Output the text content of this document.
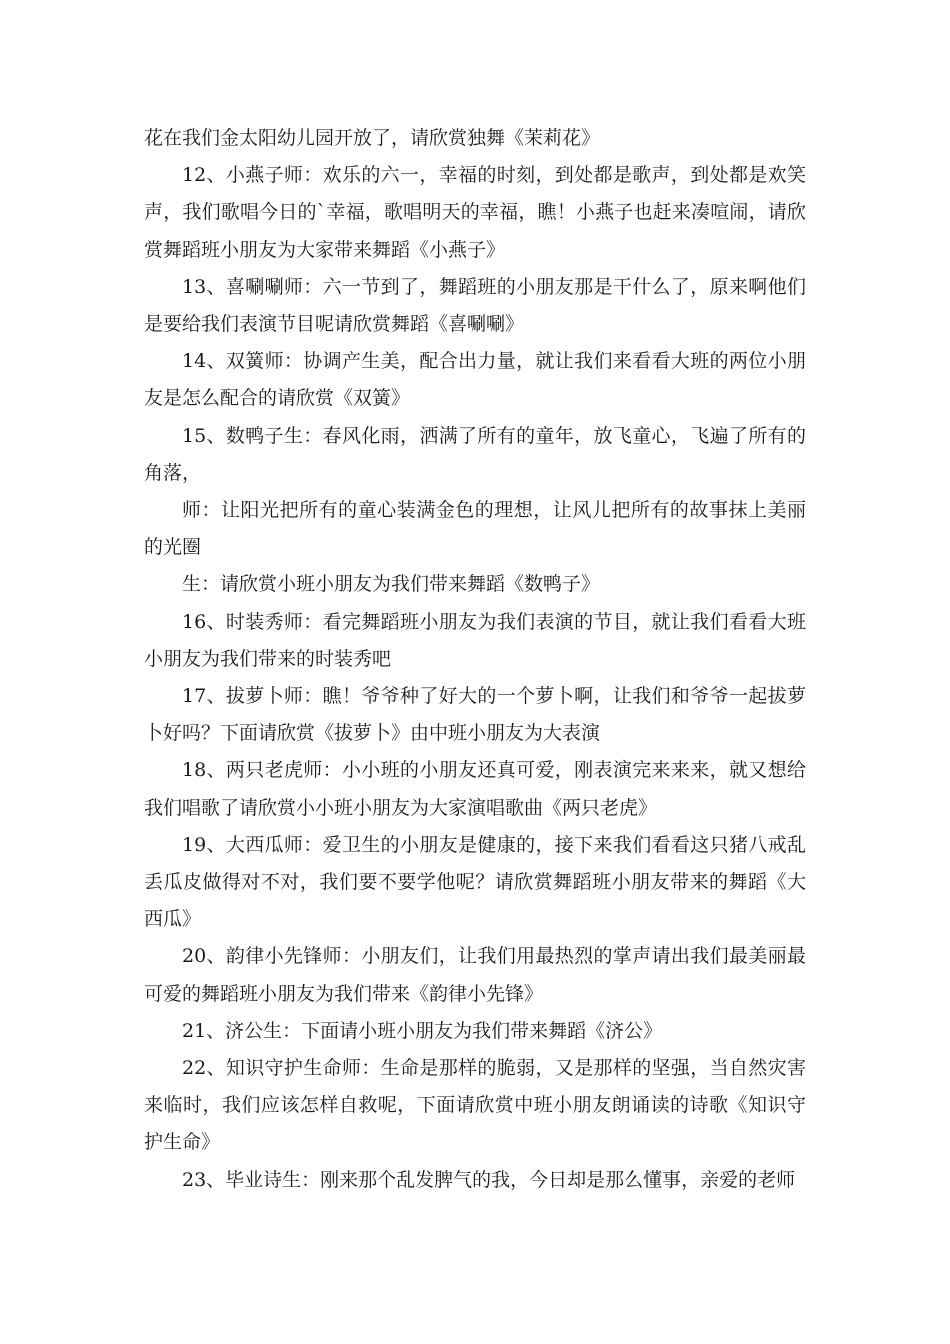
花在我们金太阳幼儿园开放了，请欣赏独舞《茉莉花》

12、小燕子师：欢乐的六一，幸福的时刻，到处都是歌声，到处都是欢笑声，我们歌唱今日的`幸福，歌唱明天的幸福，瞧！小燕子也赶来凑喧闹，请欣赏舞蹈班小朋友为大家带来舞蹈《小燕子》

13、喜唰唰师：六一节到了，舞蹈班的小朋友那是干什么了，原来啊他们是要给我们表演节目呢请欣赏舞蹈《喜唰唰》

14、双簧师：协调产生美，配合出力量，就让我们来看看大班的两位小朋友是怎么配合的请欣赏《双簧》

15、数鸭子生：春风化雨，洒满了所有的童年，放飞童心，飞遍了所有的角落，

师：让阳光把所有的童心装满金色的理想，让风儿把所有的故事抹上美丽的光圈

生：请欣赏小班小朋友为我们带来舞蹈《数鸭子》

16、时装秀师：看完舞蹈班小朋友为我们表演的节目，就让我们看看大班小朋友为我们带来的时装秀吧

17、拔萝卜师：瞧！爷爷种了好大的一个萝卜啊，让我们和爷爷一起拔萝卜好吗？下面请欣赏《拔萝卜》由中班小朋友为大表演

18、两只老虎师：小小班的小朋友还真可爱，刚表演完来来来，就又想给我们唱歌了请欣赏小小班小朋友为大家演唱歌曲《两只老虎》

19、大西瓜师：爱卫生的小朋友是健康的，接下来我们看看这只猪八戒乱丢瓜皮做得对不对，我们要不要学他呢？请欣赏舞蹈班小朋友带来的舞蹈《大西瓜》

20、韵律小先锋师：小朋友们，让我们用最热烈的掌声请出我们最美丽最可爱的舞蹈班小朋友为我们带来《韵律小先锋》

21、济公生：下面请小班小朋友为我们带来舞蹈《济公》

22、知识守护生命师：生命是那样的脆弱，又是那样的坚强，当自然灾害来临时，我们应该怎样自救呢，下面请欣赏中班小朋友朗诵读的诗歌《知识守护生命》

23、毕业诗生：刚来那个乱发脾气的我，今日却是那么懂事，亲爱的老师
